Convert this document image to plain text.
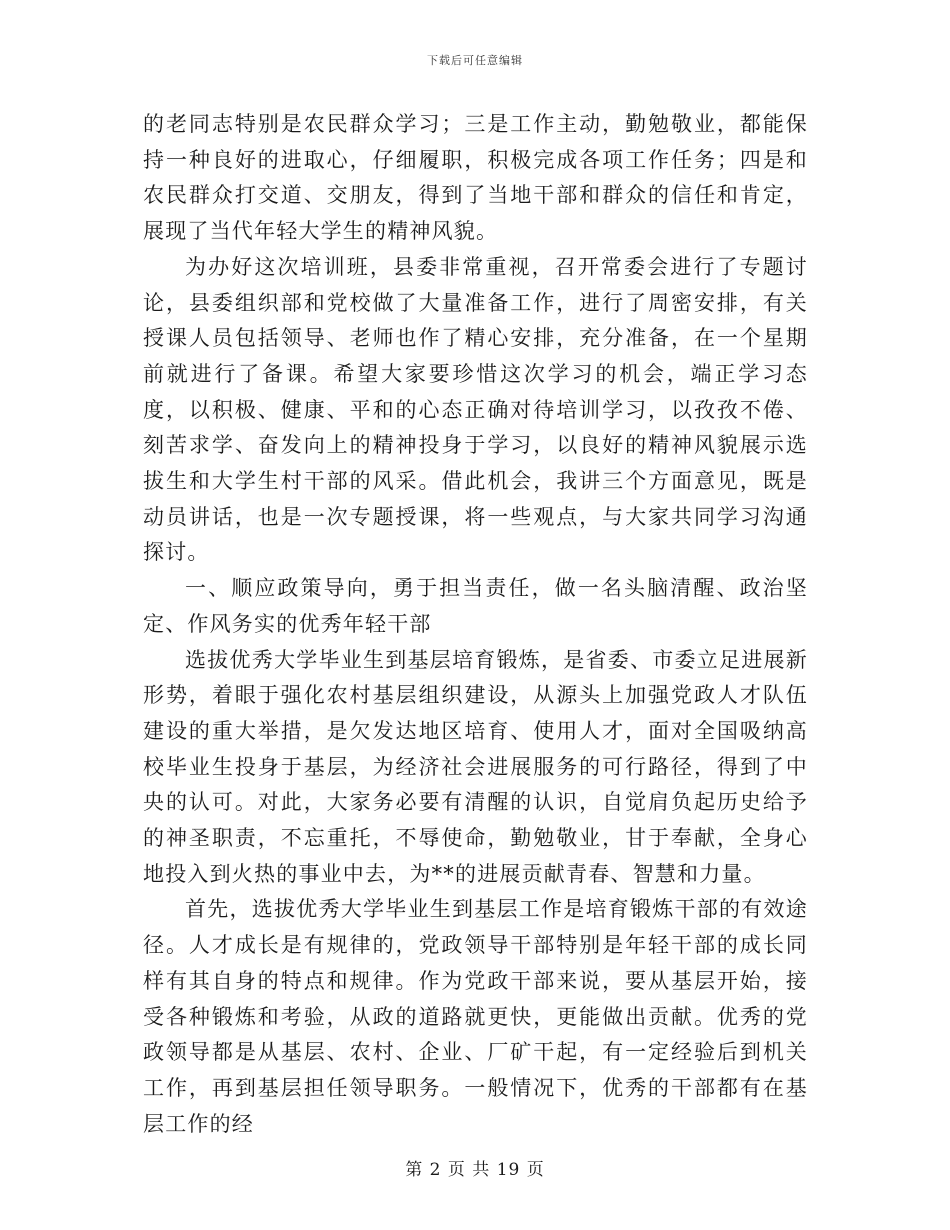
下载后可任意编辑

的老同志特别是农民群众学习；三是工作主动，勤勉敬业，都能保持一种良好的进取心，仔细履职，积极完成各项工作任务；四是和农民群众打交道、交朋友，得到了当地干部和群众的信任和肯定，展现了当代年轻大学生的精神风貌。

为办好这次培训班，县委非常重视，召开常委会进行了专题讨论，县委组织部和党校做了大量准备工作，进行了周密安排，有关授课人员包括领导、老师也作了精心安排，充分准备，在一个星期前就进行了备课。希望大家要珍惜这次学习的机会，端正学习态度，以积极、健康、平和的心态正确对待培训学习，以孜孜不倦、刻苦求学、奋发向上的精神投身于学习，以良好的精神风貌展示选拔生和大学生村干部的风采。借此机会，我讲三个方面意见，既是动员讲话，也是一次专题授课，将一些观点，与大家共同学习沟通探讨。

一、顺应政策导向，勇于担当责任，做一名头脑清醒、政治坚定、作风务实的优秀年轻干部

选拔优秀大学毕业生到基层培育锻炼，是省委、市委立足进展新形势，着眼于强化农村基层组织建设，从源头上加强党政人才队伍建设的重大举措，是欠发达地区培育、使用人才，面对全国吸纳高校毕业生投身于基层，为经济社会进展服务的可行路径，得到了中央的认可。对此，大家务必要有清醒的认识，自觉肩负起历史给予的神圣职责，不忘重托，不辱使命，勤勉敬业，甘于奉献，全身心地投入到火热的事业中去，为**的进展贡献青春、智慧和力量。

首先，选拔优秀大学毕业生到基层工作是培育锻炼干部的有效途径。人才成长是有规律的，党政领导干部特别是年轻干部的成长同样有其自身的特点和规律。作为党政干部来说，要从基层开始，接受各种锻炼和考验，从政的道路就更快，更能做出贡献。优秀的党政领导都是从基层、农村、企业、厂矿干起，有一定经验后到机关工作，再到基层担任领导职务。一般情况下，优秀的干部都有在基层工作的经

第 2 页 共 19 页
